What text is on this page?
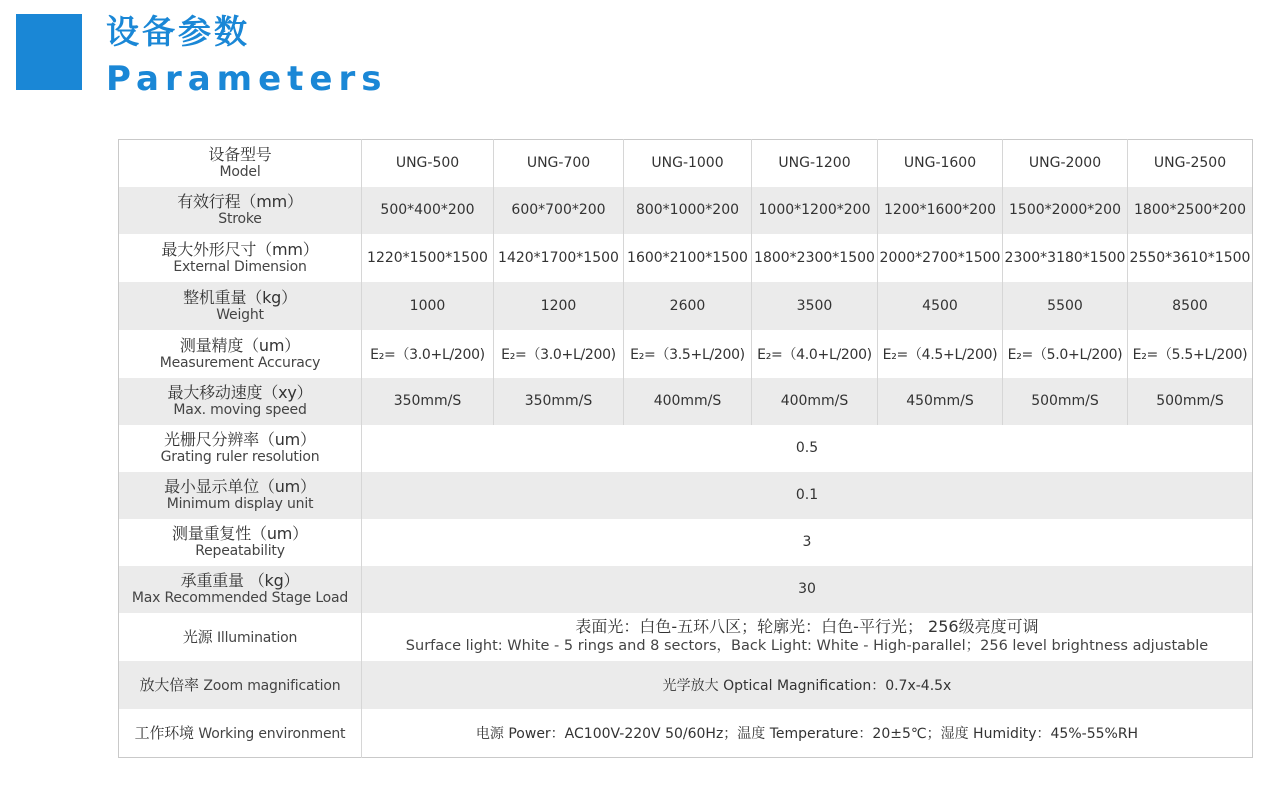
设备参数
Parameters
设备型号
Model	UNG-500	UNG-700	UNG-1000	UNG-1200	UNG-1600	UNG-2000	UNG-2500

有效行程（mm）
Stroke	500*400*200	600*700*200	800*1000*200	1000*1200*200	1200*1600*200	1500*2000*200	1800*2500*200

最大外形尺寸（mm）
External Dimension	1220*1500*1500	1420*1700*1500	1600*2100*1500	1800*2300*1500	2000*2700*1500	2300*3180*1500	2550*3610*1500

整机重量（kg）
Weight	1000	1200	2600	3500	4500	5500	8500

测量精度（um）
Measurement Accuracy	E₂=（3.0+L/200)	E₂=（3.0+L/200)	E₂=（3.5+L/200)	E₂=（4.0+L/200)	E₂=（4.5+L/200)	E₂=（5.0+L/200)	E₂=（5.5+L/200)

最大移动速度（xy）
Max. moving speed	350mm/S	350mm/S	400mm/S	400mm/S	450mm/S	500mm/S	500mm/S

光栅尺分辨率（um）
Grating ruler resolution	0.5						

最小显示单位（um）
Minimum display unit	0.1						

测量重复性（um）
Repeatability	3						

承重重量 （kg）
Max Recommended Stage Load	30						
光源 Illumination	表面光：白色-五环八区；轮廓光：白色-平行光； 256级亮度可调
Surface light: White - 5 rings and 8 sectors，Back Light: White - High-parallel；256 level brightness adjustable						

放大倍率 Zoom magnification	光学放大 Optical Magnification：0.7x-4.5x						
工作环境 Working environment	电源 Power：AC100V-220V 50/60Hz；温度 Temperature：20±5℃；湿度 Humidity：45%-55%RH						
